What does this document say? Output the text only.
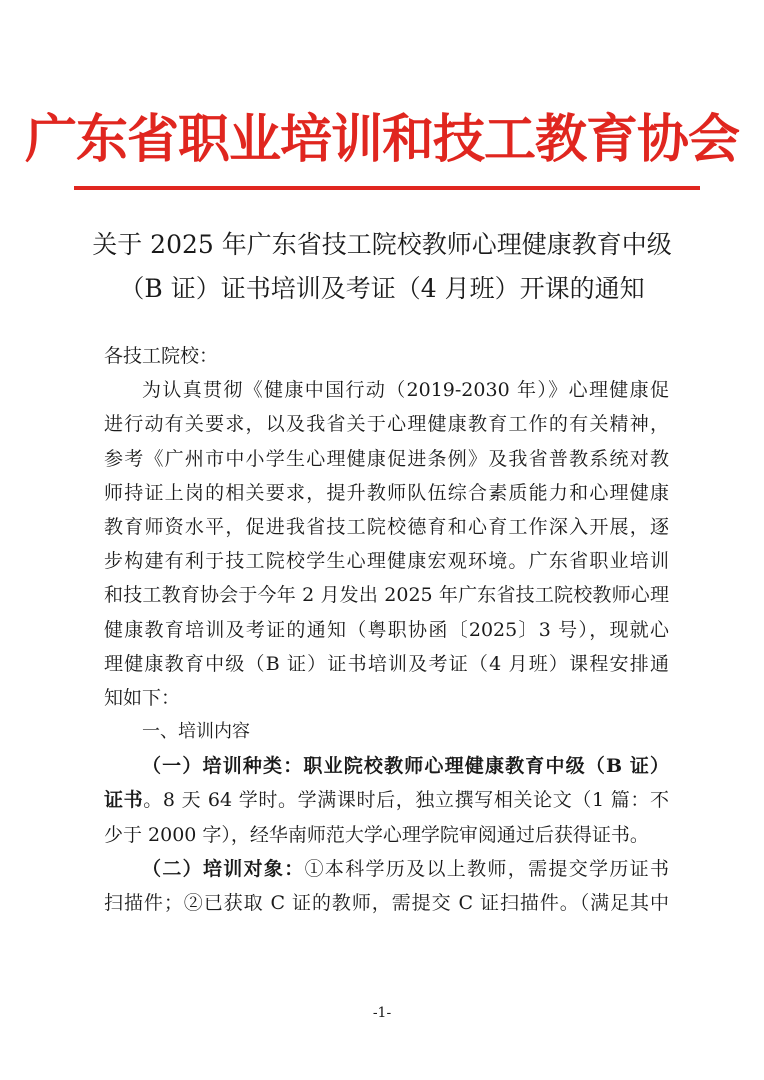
广东省职业培训和技工教育协会
关于 2025 年广东省技工院校教师心理健康教育中级
（B 证）证书培训及考证（4 月班）开课的通知
各技工院校：
为认真贯彻《健康中国行动（2019-2030 年）》心理健康促
进行动有关要求，以及我省关于心理健康教育工作的有关精神，
参考《广州市中小学生心理健康促进条例》及我省普教系统对教
师持证上岗的相关要求，提升教师队伍综合素质能力和心理健康
教育师资水平，促进我省技工院校德育和心育工作深入开展，逐
步构建有利于技工院校学生心理健康宏观环境。广东省职业培训
和技工教育协会于今年 2 月发出 2025 年广东省技工院校教师心理
健康教育培训及考证的通知（粤职协函〔2025〕3 号），现就心
理健康教育中级（B 证）证书培训及考证（4 月班）课程安排通
知如下：
一、培训内容
（一）培训种类：职业院校教师心理健康教育中级（B 证）
证书。8 天 64 学时。学满课时后，独立撰写相关论文（1 篇：不
少于 2000 字），经华南师范大学心理学院审阅通过后获得证书。
（二）培训对象：①本科学历及以上教师，需提交学历证书
扫描件；②已获取 C 证的教师，需提交 C 证扫描件。（满足其中
-1-
